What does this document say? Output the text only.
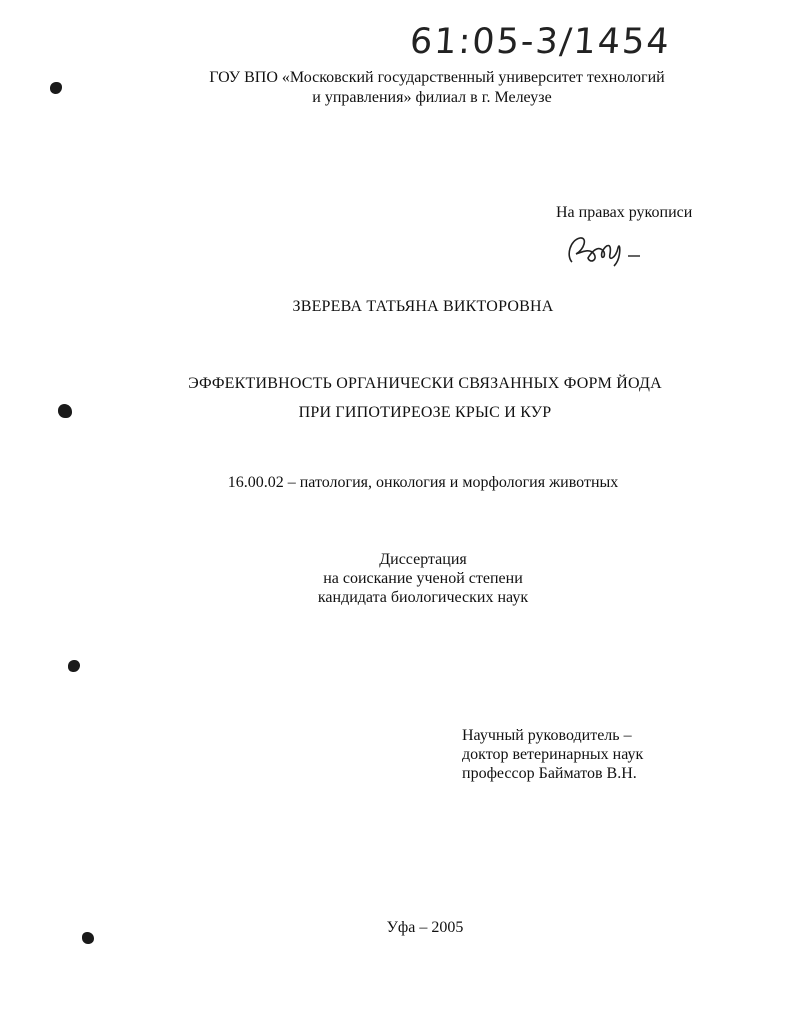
61:05-3/1454
ГОУ ВПО «Московский государственный университет технологий
и управления» филиал в г. Мелеузе
На правах рукописи
ЗВЕРЕВА ТАТЬЯНА ВИКТОРОВНА
ЭФФЕКТИВНОСТЬ ОРГАНИЧЕСКИ СВЯЗАННЫХ ФОРМ ЙОДА
ПРИ ГИПОТИРЕОЗЕ КРЫС И КУР
16.00.02 – патология, онкология и морфология животных
Диссертация
на соискание ученой степени
кандидата биологических наук
Научный руководитель –
доктор ветеринарных наук
профессор Байматов В.Н.
Уфа – 2005
